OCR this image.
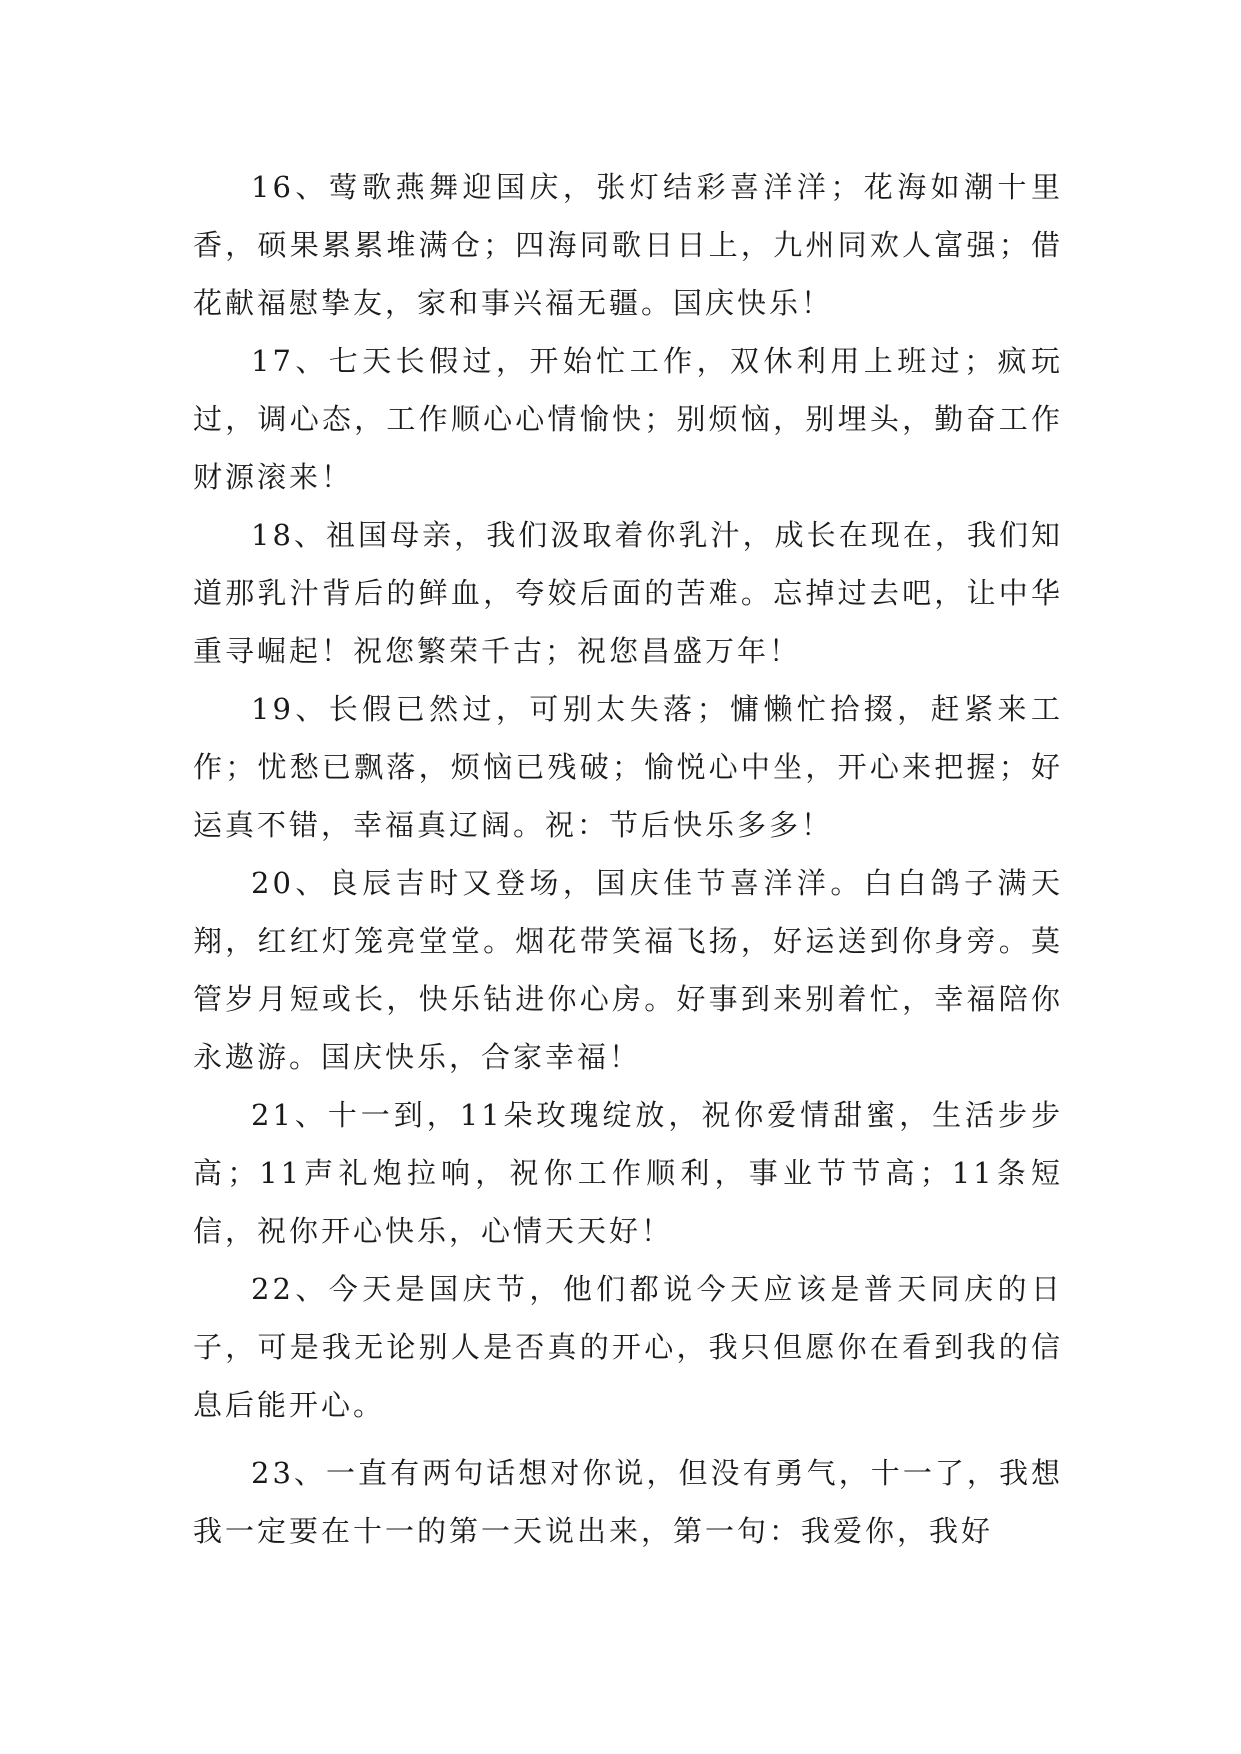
16、莺歌燕舞迎国庆，张灯结彩喜洋洋；花海如潮十里香，硕果累累堆满仓；四海同歌日日上，九州同欢人富强；借花献福慰挚友，家和事兴福无疆。国庆快乐！

17、七天长假过，开始忙工作，双休利用上班过；疯玩过，调心态，工作顺心心情愉快；别烦恼，别埋头，勤奋工作财源滚来！

18、祖国母亲，我们汲取着你乳汁，成长在现在，我们知道那乳汁背后的鲜血，夸姣后面的苦难。忘掉过去吧，让中华重寻崛起！祝您繁荣千古；祝您昌盛万年！

19、长假已然过，可别太失落；慵懒忙拾掇，赶紧来工作；忧愁已飘落，烦恼已残破；愉悦心中坐，开心来把握；好运真不错，幸福真辽阔。祝：节后快乐多多！

20、良辰吉时又登场，国庆佳节喜洋洋。白白鸽子满天翔，红红灯笼亮堂堂。烟花带笑福飞扬，好运送到你身旁。莫管岁月短或长，快乐钻进你心房。好事到来别着忙，幸福陪你永遨游。国庆快乐，合家幸福！

21、十一到，11朵玫瑰绽放，祝你爱情甜蜜，生活步步高；11声礼炮拉响，祝你工作顺利，事业节节高；11条短信，祝你开心快乐，心情天天好！

22、今天是国庆节，他们都说今天应该是普天同庆的日子，可是我无论别人是否真的开心，我只但愿你在看到我的信息后能开心。

23、一直有两句话想对你说，但没有勇气，十一了，我想我一定要在十一的第一天说出来，第一句：我爱你，我好
